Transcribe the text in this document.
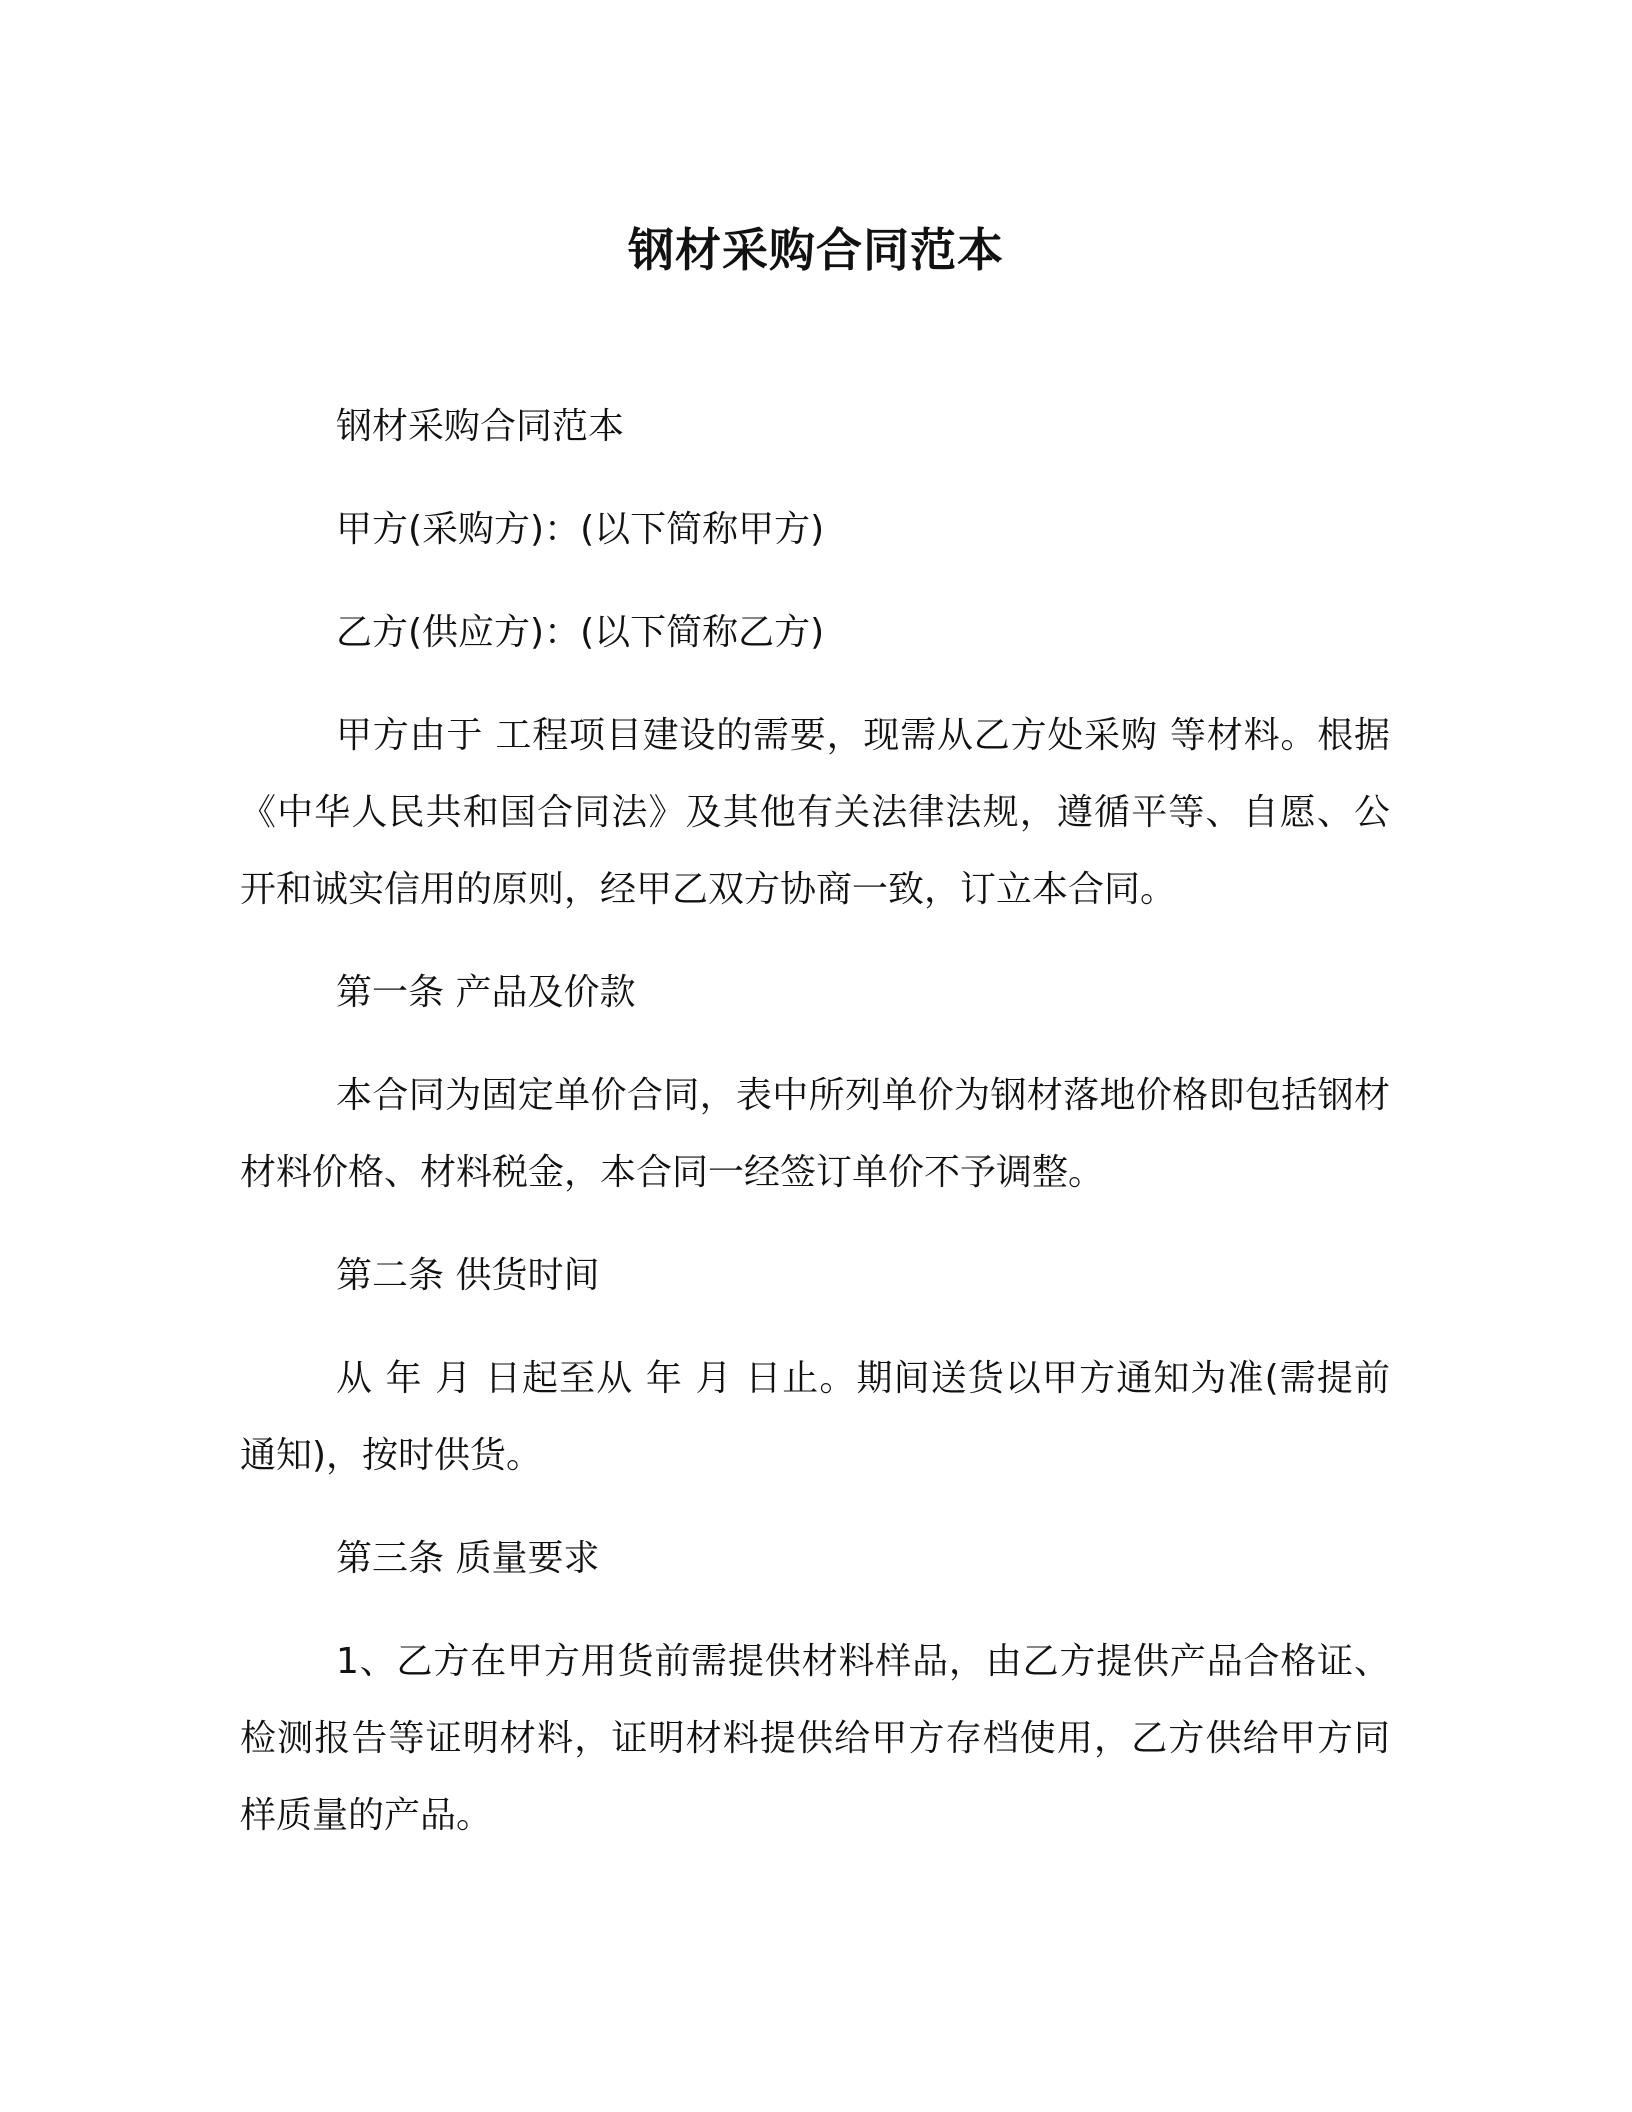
钢材采购合同范本

钢材采购合同范本

甲方(采购方)：(以下简称甲方)

乙方(供应方)：(以下简称乙方)

甲方由于 工程项目建设的需要，现需从乙方处采购 等材料。根据《中华人民共和国合同法》及其他有关法律法规，遵循平等、自愿、公开和诚实信用的原则，经甲乙双方协商一致，订立本合同。

第一条 产品及价款

本合同为固定单价合同，表中所列单价为钢材落地价格即包括钢材材料价格、材料税金，本合同一经签订单价不予调整。

第二条 供货时间

从 年 月 日起至从 年 月 日止。期间送货以甲方通知为准(需提前通知)，按时供货。

第三条 质量要求

1、乙方在甲方用货前需提供材料样品，由乙方提供产品合格证、检测报告等证明材料，证明材料提供给甲方存档使用，乙方供给甲方同样质量的产品。
